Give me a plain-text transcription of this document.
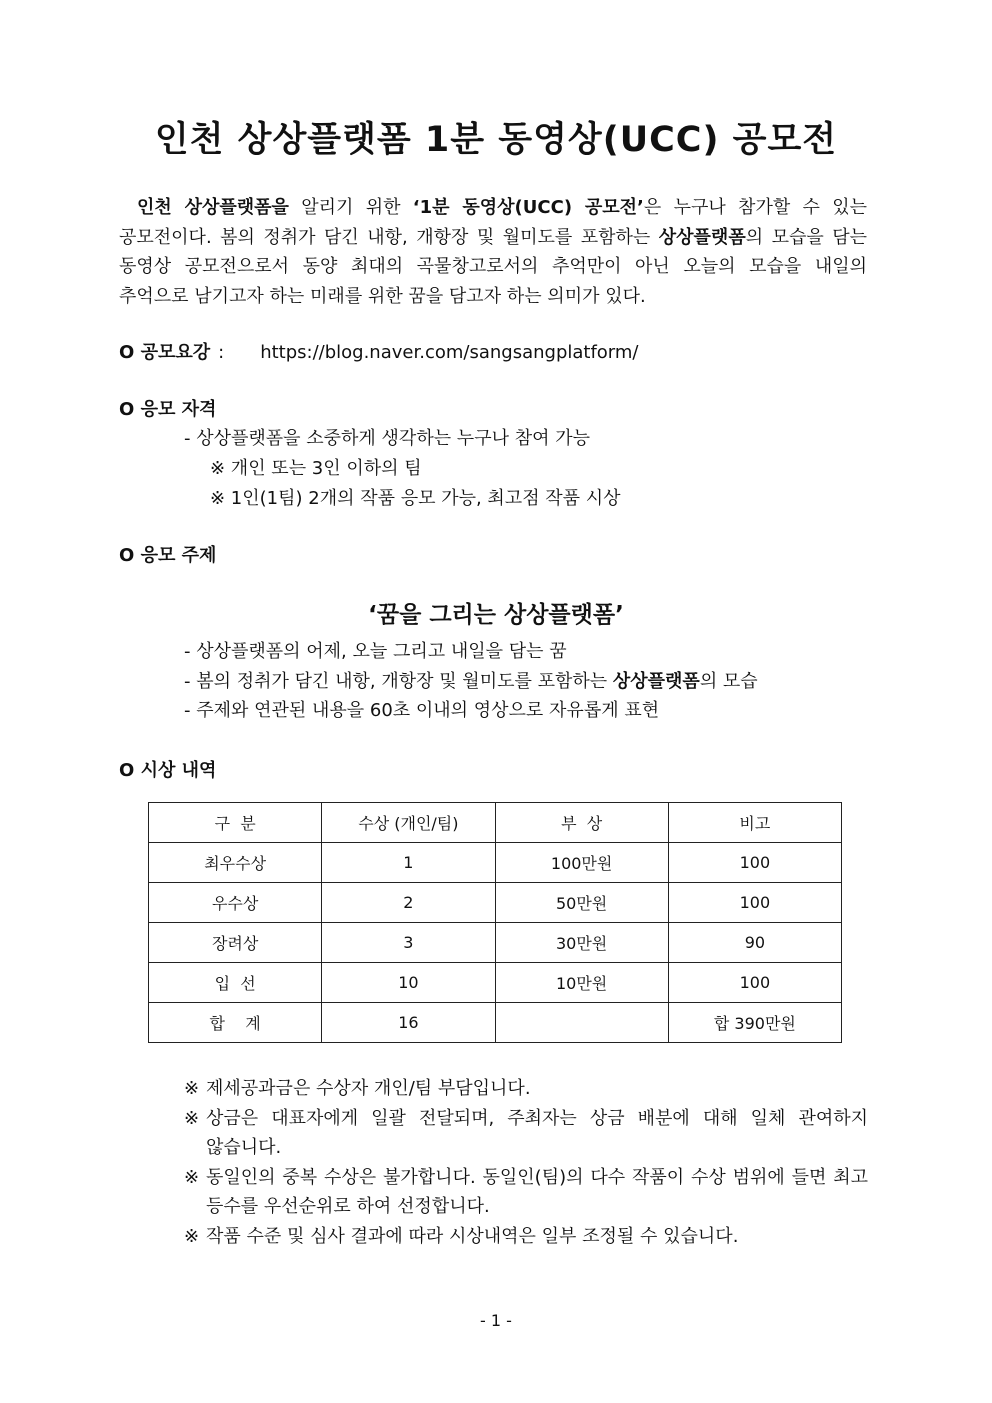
인천 상상플랫폼 1분 동영상(UCC) 공모전
인천 상상플랫폼을 알리기 위한 ‘1분 동영상(UCC) 공모전’은 누구나 참가할 수 있는 공모전이다. 봄의 정취가 담긴 내항, 개항장 및 월미도를 포함하는 상상플랫폼의 모습을 담는 동영상 공모전으로서 동양 최대의 곡물창고로서의 추억만이 아닌 오늘의 모습을 내일의 추억으로 남기고자 하는 미래를 위한 꿈을 담고자 하는 의미가 있다.
O 공모요강 : https://blog.naver.com/sangsangplatform/
O 응모 자격
- 상상플랫폼을 소중하게 생각하는 누구나 참여 가능
※ 개인 또는 3인 이하의 팀
※ 1인(1팀) 2개의 작품 응모 가능, 최고점 작품 시상
O 응모 주제
‘꿈을 그리는 상상플랫폼’
- 상상플랫폼의 어제, 오늘 그리고 내일을 담는 꿈
- 봄의 정취가 담긴 내항, 개항장 및 월미도를 포함하는 상상플랫폼의 모습
- 주제와 연관된 내용을 60초 이내의 영상으로 자유롭게 표현
O 시상 내역
구  분	수상 (개인/팀)	부  상	비고
최우수상	1	100만원	100
우수상	2	50만원	100
장려상	3	30만원	90
입  선	10	10만원	100
합    계	16		합 390만원
※ 제세공과금은 수상자 개인/팀 부담입니다.
※ 상금은 대표자에게 일괄 전달되며, 주최자는 상금 배분에 대해 일체 관여하지 않습니다.
※ 동일인의 중복 수상은 불가합니다. 동일인(팀)의 다수 작품이 수상 범위에 들면 최고 등수를 우선순위로 하여 선정합니다.
※ 작품 수준 및 심사 결과에 따라 시상내역은 일부 조정될 수 있습니다.
- 1 -
